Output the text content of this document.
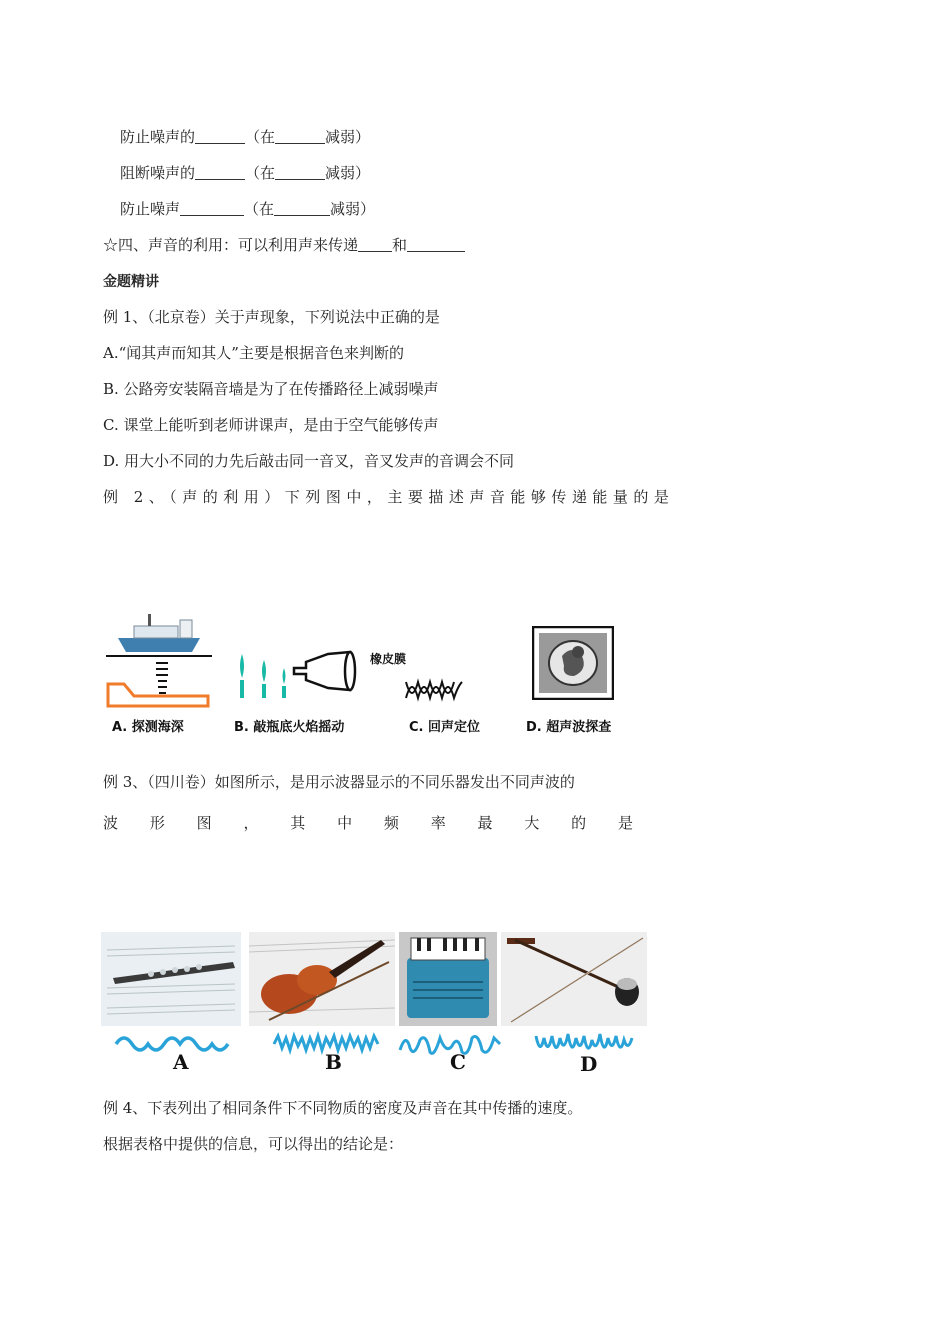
防止噪声的	（在	减弱）
阻断噪声的	（在	减弱）
防止噪声	（在	减弱）
☆四、声音的利用：可以利用声来传递 和
金题精讲
例 1、（北京卷）关于声现象，下列说法中正确的是
A.“闻其声而知其人”主要是根据音色来判断的
B. 公路旁安装隔音墙是为了在传播路径上减弱噪声
C. 课堂上能听到老师讲课声，是由于空气能够传声
D. 用大小不同的力先后敲击同一音叉，音叉发声的音调会不同
例 2、（声的利用）下列图中，主要描述声音能够传递能量的是
A. 探测海深
橡皮膜
B. 敲瓶底火焰摇动	C. 回声定位	D. 超声波探查
例 3、（四川卷）如图所示，是用示波器显示的不同乐器发出不同声波的
波 形 图 ， 其 中 频 率 最 大 的 是
A	B	C	D
例 4、下表列出了相同条件下不同物质的密度及声音在其中传播的速度。
根据表格中提供的信息，可以得出的结论是：
